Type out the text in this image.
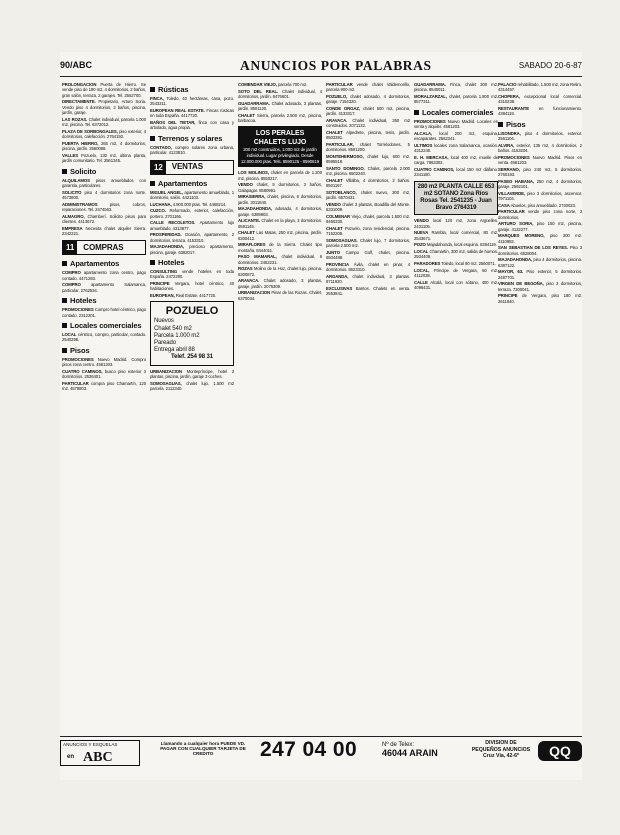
90/ABC	ANUNCIOS POR PALABRAS	SABADO 20-6-87

PROLONGACION Puerta de Hierro. Se vende piso de 190 m2, 4 dormitorios, 2 baños, gran salón, terraza, 2 garajes. Tel. 2562700.

DIRECTAMENTE. Propietario, Arturo Soria. Vendo piso 4 dormitorios, 2 baños, piscina, jardín, garaje.

LAS ROZAS. Chalet individual, parcela 1.000 m2, piscina. Tel. 6372012.

PLAZA DE SORBONGALES, piso exterior, 4 dormitorios, calefacción. 2764150.

PUERTA HIERRO, 265 m2, 4 dormitorios, piscina, jardín. 2560088.

VALLES Pozuelo, 130 m2, ultima planta, jardín comunitario. Tel. 2561345.

Solicito

ALQUILAMOS pisos amueblados con garantía, particulares.

SOLICITO piso 4 dormitorios zona norte. 4573800.

ADMINISTRAMOS	pisos, cobros, reparaciones. Tel. 2474563.

ALMAGRO, Chamberí. Solicito pisos para clientes. 4413672.

EMPRESA Necesita chalet alquiler Sierra. 2342221.

11	COMPRAS
Apartamentos

COMPRO apartamento zona centro, pago contado. 4471293.

COMPRO apartamento Salamanca, particular. 2762534.

Hoteles

PROMOCIONES Compro hotel céntrico, pago contado. 2312201.

Locales comerciales

LOCAL céntrico, compro, particular, contado. 2540298.

Pisos

PROMOCIONES Nuevo Madrid. Compro pisos zona centro. 4581203.

CUATRO CAMINOS, busco piso exterior 3 dormitorios. 2536401.

PARTICULAR compra piso Chamartín, 120 m2. 4578803.

Rústicas

FINCA, Toledo, 40 hectáreas, casa, pozo. 2543311.

EUROPEAN REAL ESTATE. Fincas rústicas en toda España. 4417720.

BAÑOS DEL TIETAR, finca con casa y arbolado, agua propia.

Terrenos y solares

CONTADO, compro solares zona urbana, particular. 4123810.

12	VENTAS
Apartamentos

MIGUEL ANGEL, apartamento amueblado, 1 dormitorio, salón. 4421103.

LUCHANA, 4.900.000 ptas. Tel. 4468214.

CUZCO. Reformado, exterior, calefacción, portero. 2701166.

CALLE RECOLETOS. Apartamento lujo amueblado. 4313877.

PROSPERIDAD. Ocasión, apartamento, 2 dormitorios, terraza. 4153310.

MAJADAHONDA, precioso apartamento, piscina, garaje. 6382017.

Hoteles

CONSULTING vende hoteles en toda España. 2472290.

PRINCIPE Vergara, hotel céntrico, 40 habitaciones.

EUROPEAN, Real Estate. 4417720.

POZUELO
Nuevos
Chalet 540 m2
Parcela 1.000 m2
Pareado
Entrega abril 88
Telef. 254 98 31

URBANIZACION Montepríncipe, hotel 3 plantas, piscina, jardín, garaje 3 coches.

SOMOSAGUAS, chalet lujo, 1.500 m2 parcela. 2112340.

COMENDAR VIEJO, parcela 700 m2.

SOTO DEL REAL. Chalet individual, 4 dormitorios, jardín. 8476601.

GUADARRAMA. Chalet adosado, 3 plantas, jardín. 8501120.

CHALET Sierra, parcela 2.500 m2, piscina, barbacoa.

LOS PERALES CHALETS LUJO
200 m2 construidos, 1.000 m2 de jardín individual. Lugar privilegiado. Desde 12.000.000 ptas. Tels. 8590125 - 8590619

LOS MOLINOS, chalet en parcela de 1.200 m2, piscina. 8550217.

VENDO chalet, 5 dormitorios, 3 baños, Galapagar. 8580991.

MIRASIERRA, chalet, piscina, 6 dormitorios, jardín. 2011840.

MAJADAHONDA, adosado, 4 dormitorios, garaje. 6389903.

ALICANTE. Chalet en la playa, 3 dormitorios. 6591145.

CHALET Las Matas, 250 m2, piscina, jardín. 6300412.

MIRAFLORES de la Sierra. Chalet tipo montaña. 8444011.

PASO MAMARAL, chalet individual, 6 dormitorios. 2452231.

ROZAS Molino de la Hoz, chalet lujo, piscina. 6300872.

ARAVACA. Chalet adosado, 3 plantas, garaje, jardín. 2075309.

URBANIZACION Pinar de las Rozas. Chalet. 6370034.

PARTICULAR vende chalet Valdemorillo, parcela 900 m2.

POZUELO, chalet adosado, 4 dormitorios, garaje. 7154320.

CONDE ORGAZ, chalet 500 m2, piscina, jardín. 4133317.

ARAVACA. Chalet individual, 350 m2 construidos. 2071122.

CHALET Alpedrete, piscina, tenis, jardín. 8503391.

PARTICULAR, chalet Torrelodones, 5 dormitorios. 8591200.

MONTEHERMOSO, chalet lujo, 600 m2. 8595518.

SANTO DOMINGO. Chalet, parcela 2.000 m2, piscina. 6502240.

CHALET Villalba, 4 dormitorios, 2 baños. 8501167.

SOTOBLANCO, chalet nuevo, 300 m2, jardín. 6570431.

VENDO chalet 3 plantas, Boadilla del Monte. 6331009.

COLMENAR Viejo, chalet, parcela 1.500 m2. 8450330.

CHALET Pozuelo, zona residencial, piscina. 7152208.

SOMOSAGUAS. Chalet lujo, 7 dormitorios, parcela 2.500 m2.

JUNTO Campo Golf, chalet, piscina. 6504488.

PROVINCIA Ávila, chalet en pinar, 4 dormitorios. 8623310.

ARGANDA, chalet individual, 3 plantas. 8711920.

EXCLUSIVAS Barrios. Chalets en venta. 2553841.

GUADARRAMA. Finca, chalet 300 m2, piscina. 8540011.

MORALZARZAL, chalet, parcela 1.800 m2. 8577311.

Locales comerciales

PROMOCIONES Nuevo Madrid. Locales en venta y alquiler. 4581203.

ALCALA, local 200 m2, esquina, escaparates. 2562341.

ULTIMOS locales zona Salamanca, ocasión. 4312240.

E. H. MERCASA, local 400 m2, muelle de carga. 7863302.

CUATRO CAMINOS, local 150 m2 diáfano. 2341180.

280 m2 PLANTA CALLE 653 m2 SOTANO Zona Ríos Rosas Tel. 2541235 - Juan Bravo 2764319

VENDO local 120 m2, zona Argüelles. 2431105.

NUEVA Rambla, local comercial, 80 m2. 2543671.

POZO Majadahonda, local esquina. 6384119.

LOCAL Chamartín, 300 m2, salida de humos. 2504409.

PARADORES Toledo, local 90 m2. 2560071.

LOCAL, Príncipe de Vergara, 60 m2. 4112038.

CALLE Alcalá, local con sótano, 400 m2. 4098431.

PALACIO rehabilitado, 1.500 m2, zona Retiro. 4314457.

CHOPERA, excepcional local comercial. 4310238.

RESTAURANTE en funcionamiento. 4384119.

Pisos

LISONDRA, piso 4 dormitorios, exterior. 2561104.

ALVIRA, exterior, 135 m2, 4 dormitorios, 2 baños. 4153204.

PROMOCIONES Nuevo Madrid. Pisos en venta. 4581203.

SERRANO, piso 240 m2, 5 dormitorios. 2760193.

PASEO HABANA, 250 m2, 4 dormitorios, garaje. 2592101.

VILLAVERDE, piso 3 dormitorios, ascensor. 7971104.

CASA Abuelos, piso amueblado. 2740023.

PARTICULAR vende piso zona norte, 3 dormitorios.

ARTURO SORIA, piso 150 m2, piscina, garaje. 4132277.

MARQUES MORENO, piso 200 m2. 4110982.

SAN SEBASTIAN DE LOS REYES. Piso 3 dormitorios. 6528004.

MAJADAHONDA, piso 4 dormitorios, piscina. 6387122.

MAYOR, 63. Piso exterior, 5 dormitorios. 2487701.

VIRGEN DE BEGOÑA, piso 3 dormitorios, terraza. 7300041.

PRINCIPE de Vergara, piso 180 m2. 2611840.

ANUNCIOS Y ESQUELAS
en ABC
Llamando a cualquier hora PUEDE VD. PAGAR CON CUALQUIER TARJETA DE CREDITO	247 04 00	Nº de Telex:
46044 ARAIN
DIVISION DE PEQUEÑOS ANUNCIOS Cruz Vía, 42-6º	QQ
